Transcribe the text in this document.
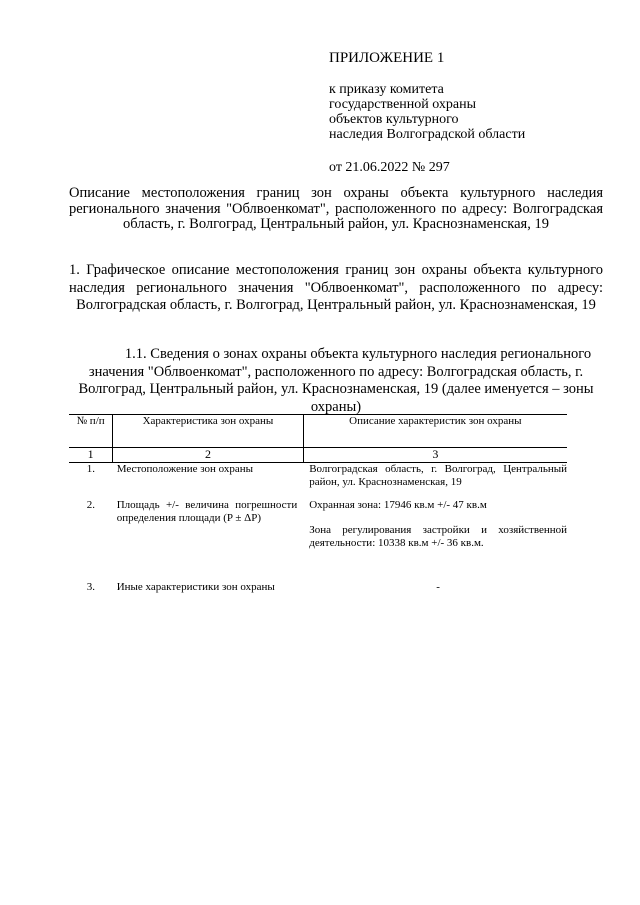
ПРИЛОЖЕНИЕ 1
к приказу комитета
государственной охраны
объектов культурного
наследия Волгоградской области
от 21.06.2022 № 297
Описание местоположения границ зон охраны объекта культурного наследия регионального значения "Облвоенкомат", расположенного по адресу: Волгоградская область, г. Волгоград, Центральный район, ул. Краснознаменская, 19
1. Графическое описание местоположения границ зон охраны объекта культурного наследия регионального значения "Облвоенкомат", расположенного по адресу: Волгоградская область, г. Волгоград, Центральный район, ул. Краснознаменская, 19
1.1. Сведения о зонах охраны объекта культурного наследия регионального значения "Облвоенкомат", расположенного по адресу: Волгоградская область, г. Волгоград, Центральный район, ул. Краснознаменская, 19 (далее именуется – зоны охраны)
№ п/п	Характеристика зон охраны	Описание характеристик зон охраны
1	2	3
1.	Местоположение зон охраны	Волгоградская область, г. Волгоград, Центральный район, ул. Краснознаменская, 19
2.	Площадь +/- величина погрешности определения площади (P ± ΔP)	Охранная зона: 17946 кв.м +/- 47 кв.м
Зона регулирования застройки и хозяйственной деятельности: 10338 кв.м +/- 36 кв.м.

3.	Иные характеристики зон охраны	-
